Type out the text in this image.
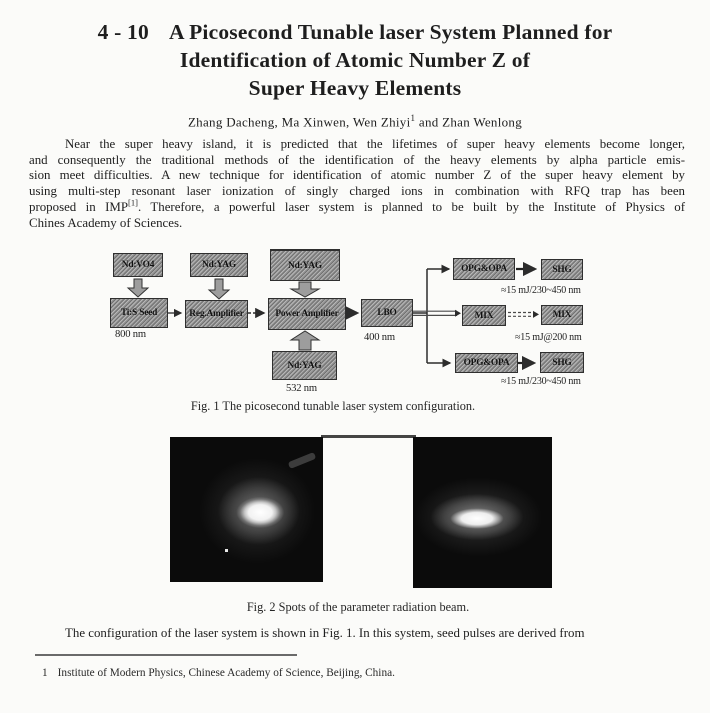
4 - 10 A Picosecond Tunable laser System Planned for
Identification of Atomic Number Z of
Super Heavy Elements
Zhang Dacheng, Ma Xinwen, Wen Zhiyi$^1$ and Zhan Wenlong
Near the super heavy island, it is predicted that the lifetimes of super heavy elements become longer,
and consequently the traditional methods of the identification of the heavy elements by alpha particle emis-
sion meet difficulties. A new technique for identification of atomic number Z of the super heavy element by
using multi-step resonant laser ionization of singly charged ions in combination with RFQ trap has been
proposed in IMP[1]. Therefore, a powerful laser system is planned to be built by the Institute of Physics of
Chines Academy of Sciences.
Nd:VO4	Nd:YAG	Nd:YAG
Ti:S Seed	Reg.Amplifier	Power Amplifier	LBO
Nd:YAG
OPG&OPA	SHG
MIX	MIX
OPG&OPA	SHG
800 nm	400 nm
532 nm
≈15 mJ/230~450 nm
≈15 mJ@200 nm
≈15 mJ/230~450 nm
Fig. 1 The picosecond tunable laser system configuration.
Fig. 2 Spots of the parameter radiation beam.
The configuration of the laser system is shown in Fig. 1. In this system, seed pulses are derived from
1 Institute of Modern Physics, Chinese Academy of Science, Beijing, China.
